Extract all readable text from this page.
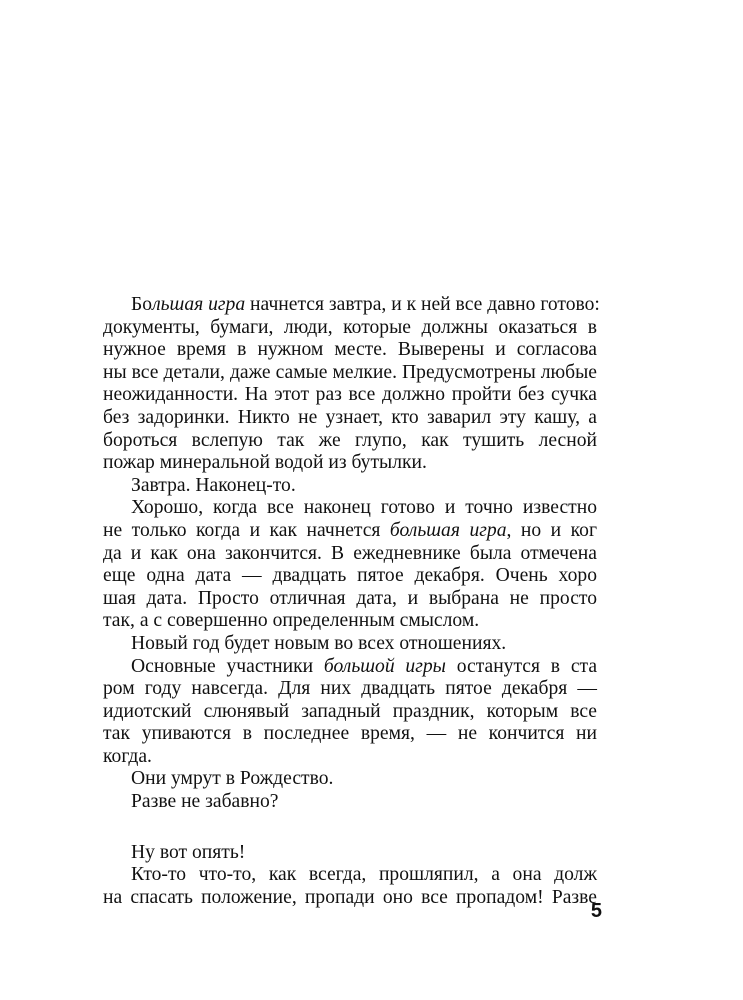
Большая игра начнется завтра, и к ней все давно готово:
документы, бумаги, люди, которые должны оказаться в
нужное время в нужном месте. Выверены и согласова
ны все детали, даже самые мелкие. Предусмотрены любые
неожиданности. На этот раз все должно пройти без сучка
без задоринки. Никто не узнает, кто заварил эту кашу, а
бороться вслепую так же глупо, как тушить лесной
пожар минеральной водой из бутылки.
Завтра. Наконец-то.
Хорошо, когда все наконец готово и точно известно
не только когда и как начнется большая игра, но и ког
да и как она закончится. В ежедневнике была отмечена
еще одна дата — двадцать пятое декабря. Очень хоро
шая дата. Просто отличная дата, и выбрана не просто
так, а с совершенно определенным смыслом.
Новый год будет новым во всех отношениях.
Основные участники большой игры останутся в ста
ром году навсегда. Для них двадцать пятое декабря —
идиотский слюнявый западный праздник, которым все
так упиваются в последнее время, — не кончится ни
когда.
Они умрут в Рождество.
Разве не забавно?
Ну вот опять!
Кто-то что-то, как всегда, прошляпил, а она долж
на спасать положение, пропади оно все пропадом! Разве
5
